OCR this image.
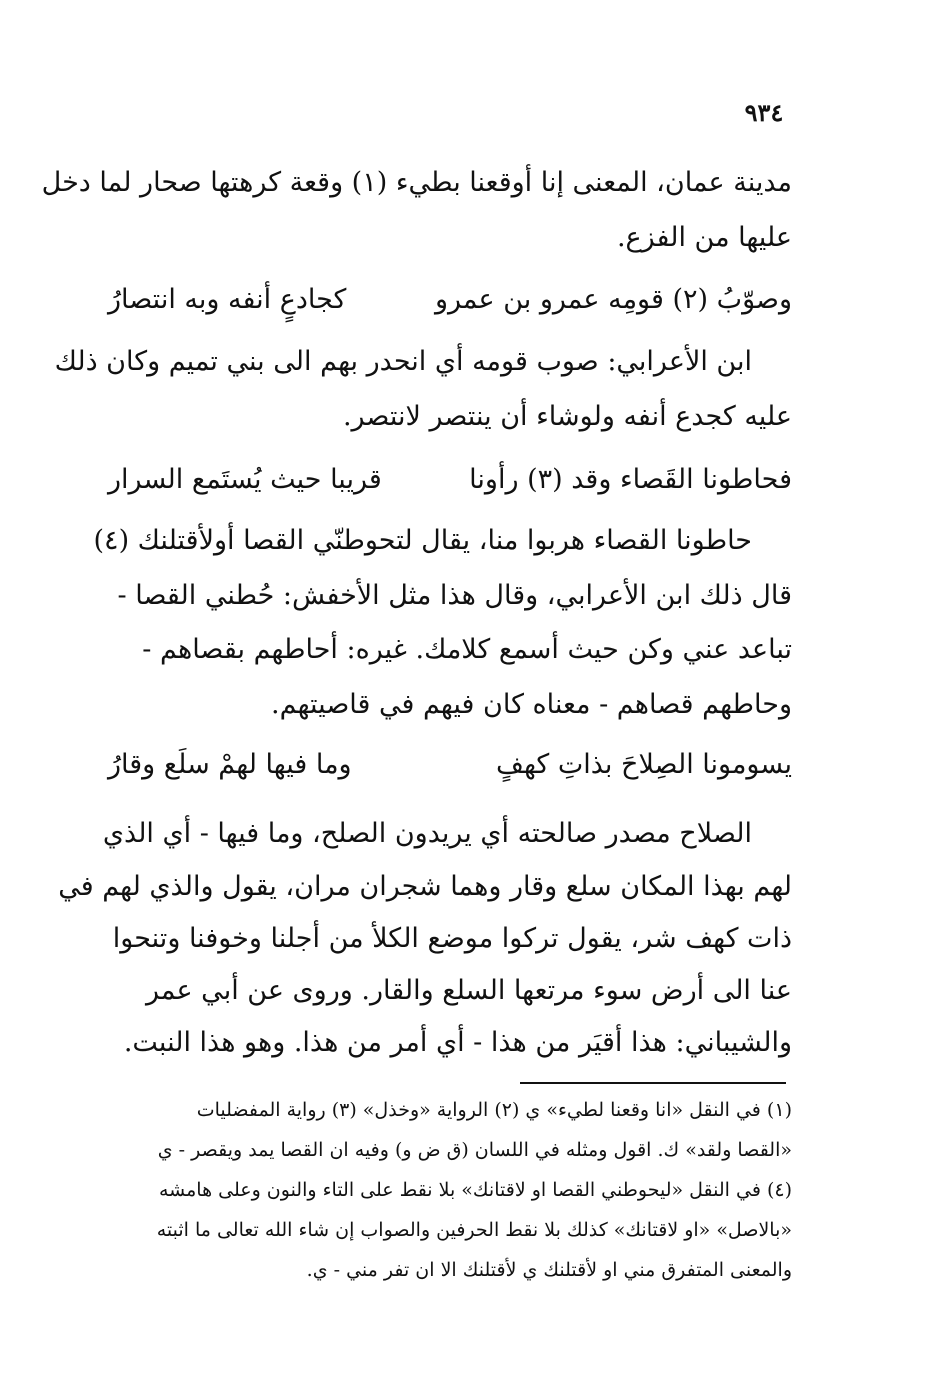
٩٣٤
مدينة عمان، المعنى إنا أوقعنا بطيء (١) وقعة كرهتها صحار لما دخل
عليها من الفزع.
وصوّبُ (٢) قومِه عمرو بن عمرو
كجادعٍ أنفه وبه انتصارُ
ابن الأعرابي: صوب قومه أي انحدر بهم الى بني تميم وكان ذلك
عليه كجدع أنفه ولوشاء أن ينتصر لانتصر.
فحاطونا القَصاء وقد (٣) رأونا
قريبا حيث يُستَمع السرار
حاطونا القصاء هربوا منا، يقال لتحوطنّي القصا أولأقتلنك (٤)
قال ذلك ابن الأعرابي، وقال هذا مثل الأخفش: حُطني القصا -
تباعد عني وكن حيث أسمع كلامك. غيره: أحاطهم بقصاهم -
وحاطهم قصاهم - معناه كان فيهم في قاصيتهم.
يسومونا الصِلاحَ بذاتِ كهفٍ
وما فيها لهمْ سلَع وقارُ
الصلاح مصدر صالحته أي يريدون الصلح، وما فيها - أي الذي
لهم بهذا المكان سلع وقار وهما شجران مران، يقول والذي لهم في
ذات كهف شر، يقول تركوا موضع الكلأ من أجلنا وخوفنا وتنحوا
عنا الى أرض سوء مرتعها السلع والقار. وروى عن أبي عمر
والشيباني: هذا أقيَر من هذا - أي أمر من هذا. وهو هذا النبت.
(١) في النقل «انا وقعنا لطيء» ي (٢) الرواية «وخذل» (٣) رواية المفضليات
«القصا ولقد» ك. اقول ومثله في اللسان (ق ض و) وفيه ان القصا يمد ويقصر - ي
(٤) في النقل «ليحوطني القصا او لاقتانك» بلا نقط على التاء والنون وعلى هامشه
«بالاصل» «او لاقتانك» كذلك بلا نقط الحرفين والصواب إن شاء الله تعالى ما اثبته
والمعنى المتفرق مني او لأقتلنك ي لأقتلنك الا ان تفر مني - ي.
